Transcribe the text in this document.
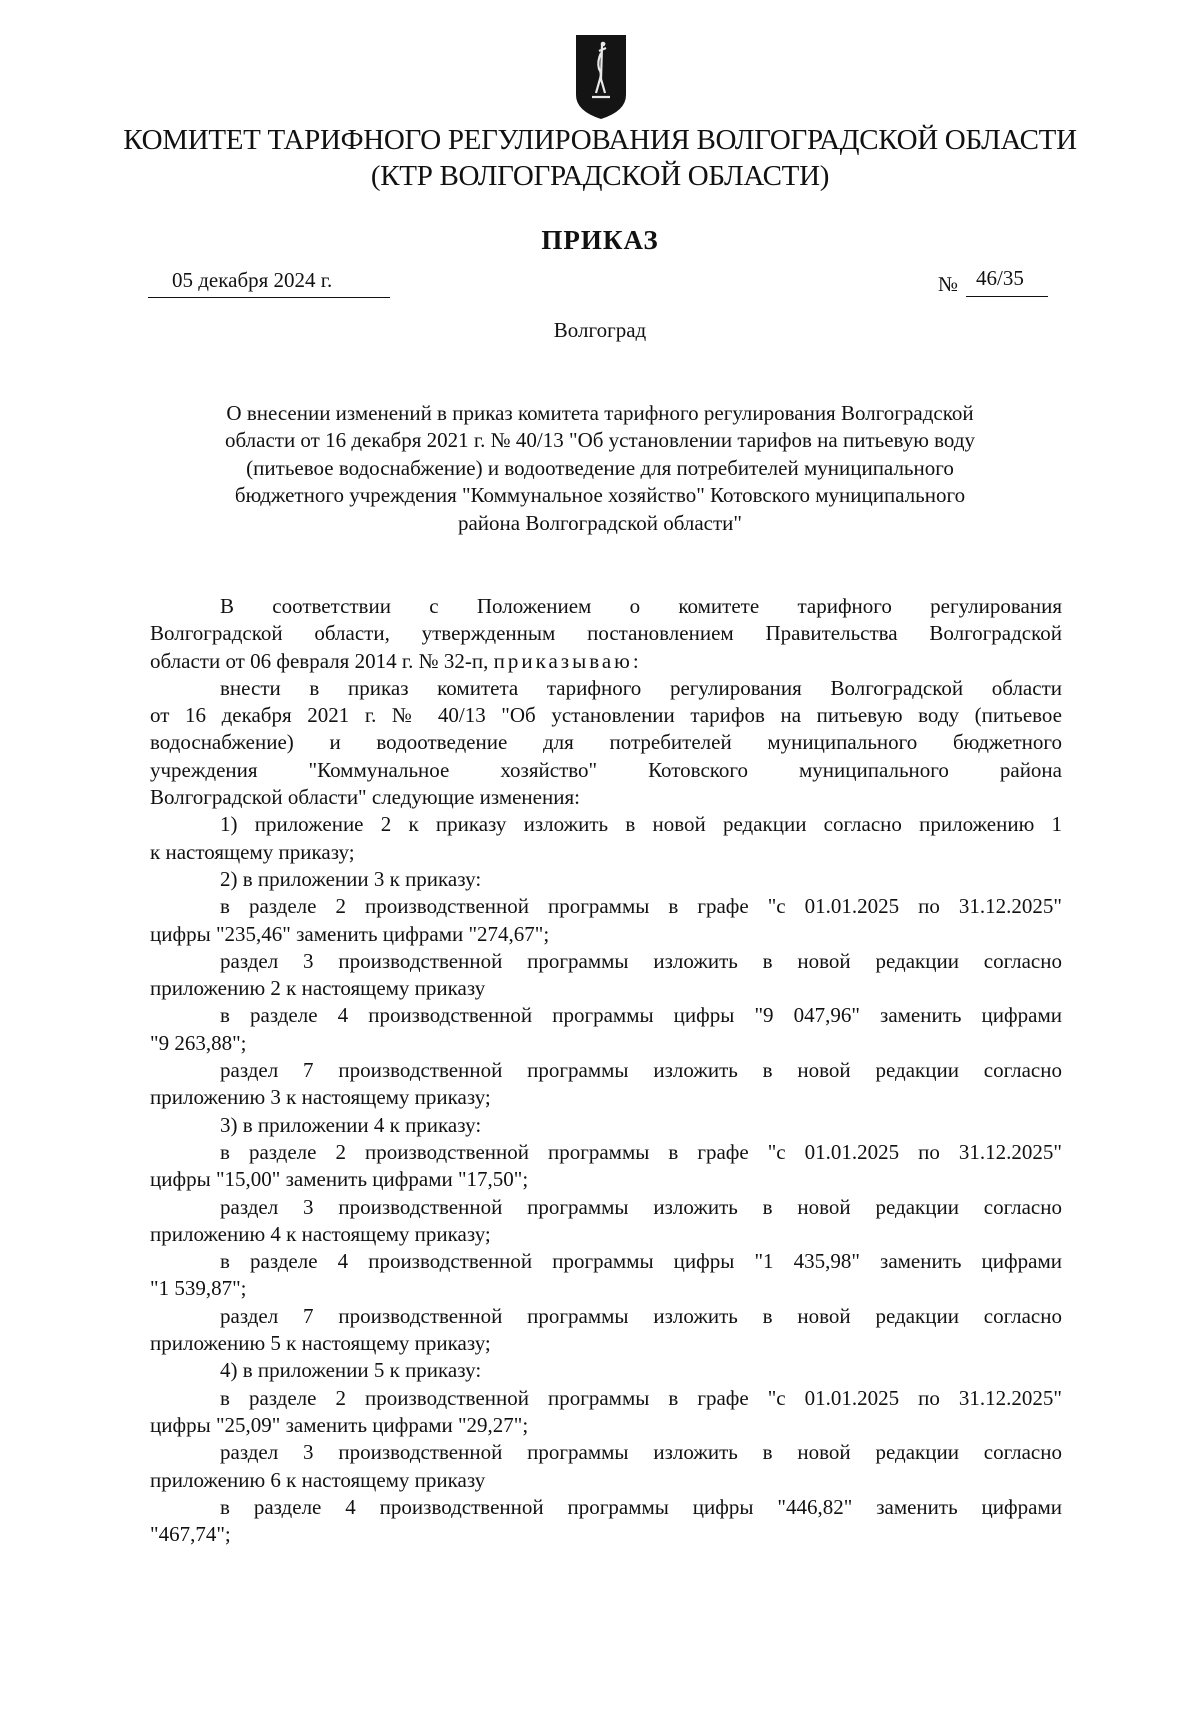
КОМИТЕТ ТАРИФНОГО РЕГУЛИРОВАНИЯ ВОЛГОГРАДСКОЙ ОБЛАСТИ
(КТР ВОЛГОГРАДСКОЙ ОБЛАСТИ)
ПРИКАЗ
05 декабря 2024 г.	№ 46/35
Волгоград
О внесении изменений в приказ комитета тарифного регулирования Волгоградской
области от 16 декабря 2021 г. № 40/13 "Об установлении тарифов на питьевую воду
(питьевое водоснабжение) и водоотведение для потребителей муниципального
бюджетного учреждения "Коммунальное хозяйство" Котовского муниципального
района Волгоградской области"

В соответствии с Положением о комитете тарифного регулирования

Волгоградской области, утвержденным постановлением Правительства Волгоградской

области от 06 февраля 2014 г. № 32-п, приказываю:

внести в приказ комитета тарифного регулирования Волгоградской области

от 16 декабря 2021 г. № 40/13 "Об установлении тарифов на питьевую воду (питьевое

водоснабжение) и водоотведение для потребителей муниципального бюджетного

учреждения "Коммунальное хозяйство" Котовского муниципального района

Волгоградской области" следующие изменения:

1) приложение 2 к приказу изложить в новой редакции согласно приложению 1

к настоящему приказу;

2) в приложении 3 к приказу:

в разделе 2 производственной программы в графе "с 01.01.2025 по 31.12.2025"

цифры "235,46" заменить цифрами "274,67";

раздел 3 производственной программы изложить в новой редакции согласно

приложению 2 к настоящему приказу

в разделе 4 производственной программы цифры "9 047,96" заменить цифрами

"9 263,88";

раздел 7 производственной программы изложить в новой редакции согласно

приложению 3 к настоящему приказу;

3) в приложении 4 к приказу:

в разделе 2 производственной программы в графе "с 01.01.2025 по 31.12.2025"

цифры "15,00" заменить цифрами "17,50";

раздел 3 производственной программы изложить в новой редакции согласно

приложению 4 к настоящему приказу;

в разделе 4 производственной программы цифры "1 435,98" заменить цифрами

"1 539,87";

раздел 7 производственной программы изложить в новой редакции согласно

приложению 5 к настоящему приказу;

4) в приложении 5 к приказу:

в разделе 2 производственной программы в графе "с 01.01.2025 по 31.12.2025"

цифры "25,09" заменить цифрами "29,27";

раздел 3 производственной программы изложить в новой редакции согласно

приложению 6 к настоящему приказу

в разделе 4 производственной программы цифры "446,82" заменить цифрами

"467,74";
